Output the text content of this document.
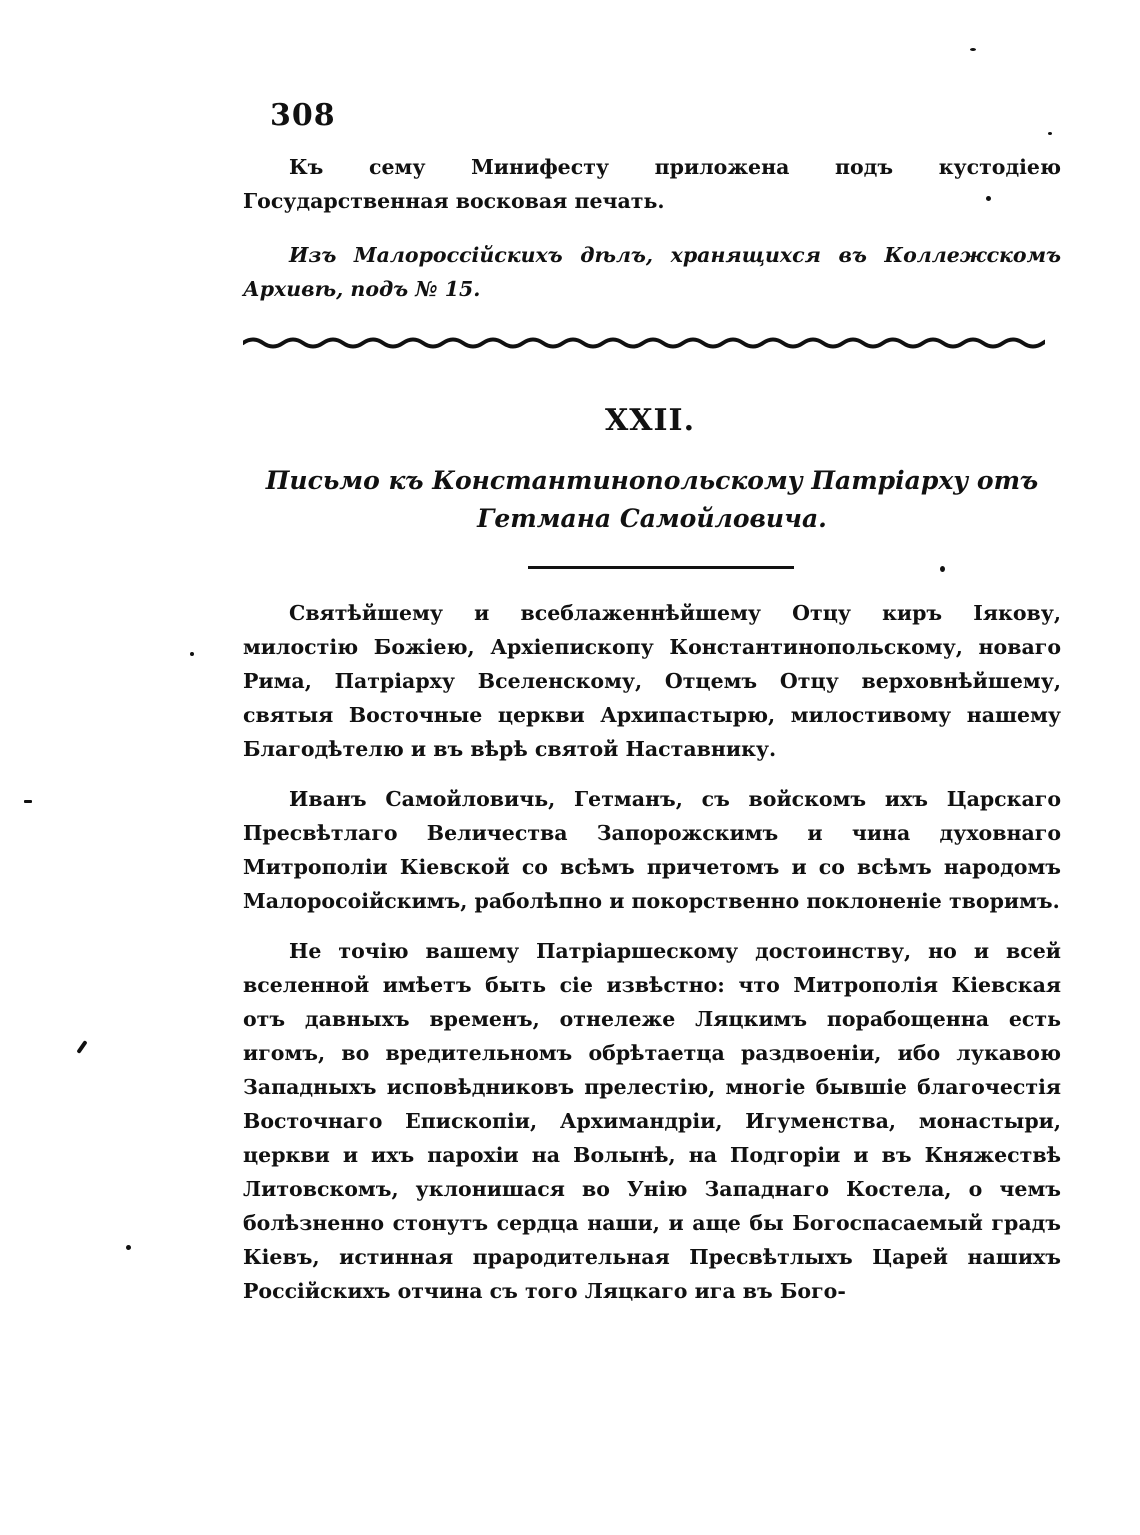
308

Къ сему Минифесту приложена подъ кустодіею Государственная восковая печать.

Изъ Малороссійскихъ дѣлъ, хранящихся въ Коллежскомъ Архивѣ, подъ № 15.

XXII.
Письмо къ Константинопольскому Патріарху отъ Гетмана Самойловича.

Святѣйшему и всеблаженнѣйшему Отцу киръ Іякову, милостію Божіею, Архіепископу Константинопольскому, новаго Рима, Патріарху Вселенскому, Отцемъ Отцу верховнѣйшему, святыя Восточные церкви Архипастырю, милостивому нашему Благодѣтелю и въ вѣрѣ святой Наставнику.

Иванъ Самойловичь, Гетманъ, съ войскомъ ихъ Царскаго Пресвѣтлаго Величества Запорожскимъ и чина духовнаго Митрополіи Кіевской со всѣмъ причетомъ и со всѣмъ народомъ Малоросоійскимъ, раболѣпно и покорственно поклоненіе творимъ.

Не точію вашему Патріаршескому достоинству, но и всей вселенной имѣетъ быть сіе извѣстно: что Митрополія Кіевская отъ давныхъ временъ, отнележе Ляцкимъ порабощенна есть игомъ, во вредительномъ обрѣтаетца раздвоеніи, ибо лукавою Западныхъ исповѣдниковъ прелестію, многіе бывшіе благочестія Восточнаго Епископіи, Архимандріи, Игуменства, монастыри, церкви и ихъ парохіи на Волынѣ, на Подгоріи и въ Княжествѣ Литовскомъ, уклонишася во Унію Западнаго Костела, о чемъ болѣзненно стонутъ сердца наши, и аще бы Богоспасаемый градъ Кіевъ, истинная прародительная Пресвѣтлыхъ Царей нашихъ Россійскихъ отчина съ того Ляцкаго ига въ Бого-
